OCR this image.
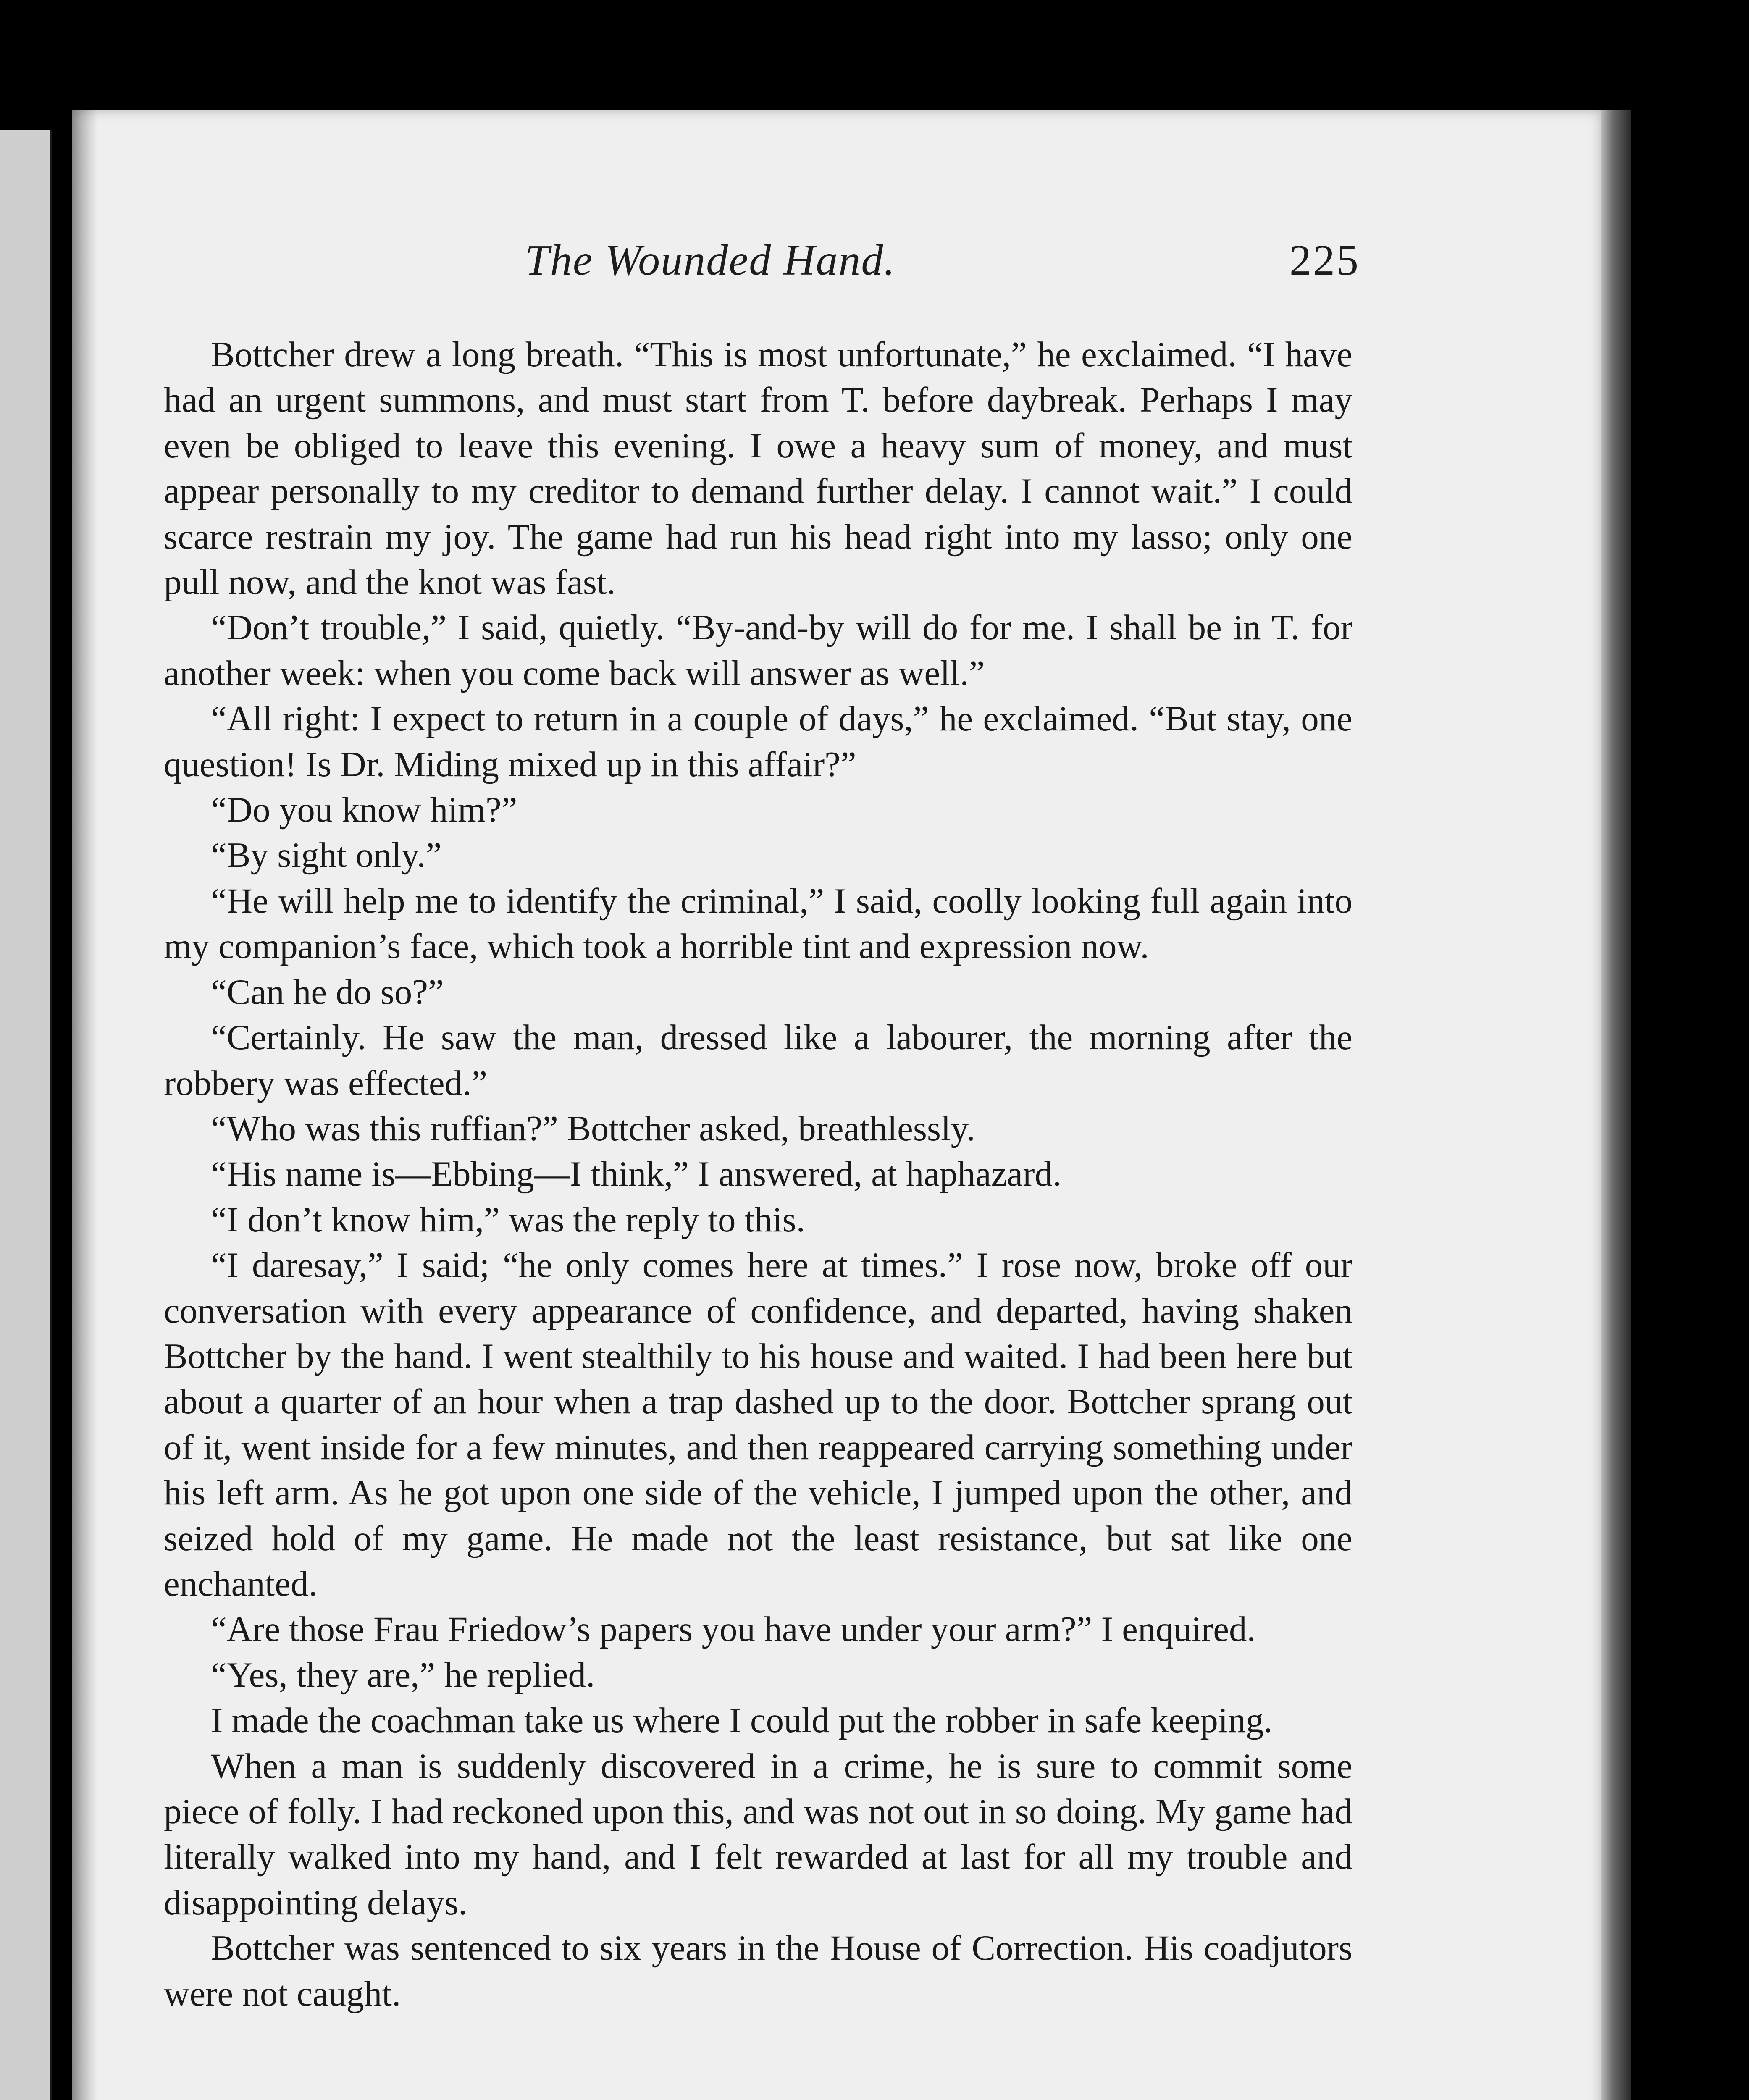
The Wounded Hand.	225

Bottcher drew a long breath. “This is most unfortunate,” he exclaimed. “I have had an urgent summons, and must start from T. before daybreak. Perhaps I may even be obliged to leave this evening. I owe a heavy sum of money, and must appear personally to my creditor to demand further delay. I cannot wait.” I could scarce restrain my joy. The game had run his head right into my lasso; only one pull now, and the knot was fast.

“Don’t trouble,” I said, quietly. “By-and-by will do for me. I shall be in T. for another week: when you come back will answer as well.”

“All right: I expect to return in a couple of days,” he exclaimed. “But stay, one question! Is Dr. Miding mixed up in this affair?”

“Do you know him?”

“By sight only.”

“He will help me to identify the criminal,” I said, coolly looking full again into my companion’s face, which took a horrible tint and expression now.

“Can he do so?”

“Certainly. He saw the man, dressed like a labourer, the morning after the robbery was effected.”

“Who was this ruffian?” Bottcher asked, breathlessly.

“His name is—Ebbing—I think,” I answered, at haphazard.

“I don’t know him,” was the reply to this.

“I daresay,” I said; “he only comes here at times.” I rose now, broke off our conversation with every appearance of confidence, and departed, having shaken Bottcher by the hand. I went stealthily to his house and waited. I had been here but about a quarter of an hour when a trap dashed up to the door. Bottcher sprang out of it, went inside for a few minutes, and then reappeared carrying something under his left arm. As he got upon one side of the vehicle, I jumped upon the other, and seized hold of my game. He made not the least resistance, but sat like one enchanted.

“Are those Frau Friedow’s papers you have under your arm?” I enquired.

“Yes, they are,” he replied.

I made the coachman take us where I could put the robber in safe keeping.

When a man is suddenly discovered in a crime, he is sure to commit some piece of folly. I had reckoned upon this, and was not out in so doing. My game had literally walked into my hand, and I felt rewarded at last for all my trouble and disappointing delays.

Bottcher was sentenced to six years in the House of Correction. His coadjutors were not caught.
